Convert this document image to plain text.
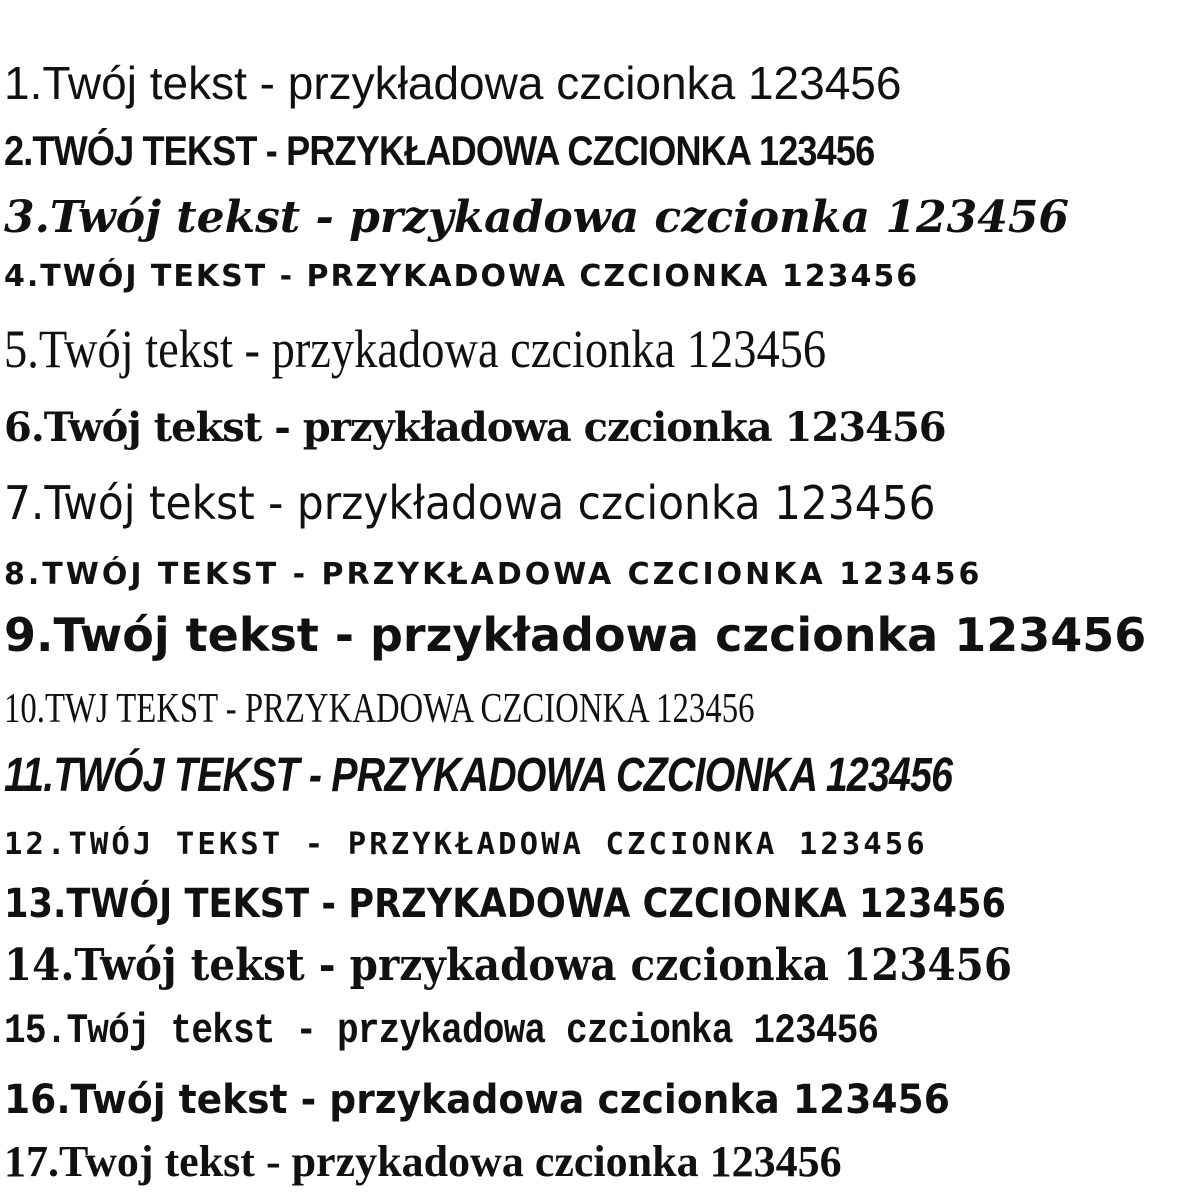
1.Twój tekst - przykładowa czcionka 123456
2.TWÓJ TEKST - PRZYKŁADOWA CZCIONKA 123456
3.Twój tekst - przykadowa czcionka 123456
4.TWÓJ TEKST - PRZYKADOWA CZCIONKA 123456
5.Twój tekst - przykadowa czcionka 123456
6.Twój tekst - przykładowa czcionka 123456
7.Twój tekst - przykładowa czcionka 123456
8.TWÓJ TEKST - PRZYKŁADOWA CZCIONKA 123456
9.Twój tekst - przykładowa czcionka 123456
10.TWJ TEKST - PRZYKADOWA CZCIONKA 123456
11.TWÓJ TEKST - PRZYKADOWA CZCIONKA 123456
12.TWÓJ TEKST - PRZYKŁADOWA CZCIONKA 123456
13.TWÓJ TEKST - PRZYKADOWA CZCIONKA 123456
14.Twój tekst - przykadowa czcionka 123456
15.Twój tekst - przykadowa czcionka 123456
16.Twój tekst - przykadowa czcionka 123456
17.Twoj tekst - przykadowa czcionka 123456
